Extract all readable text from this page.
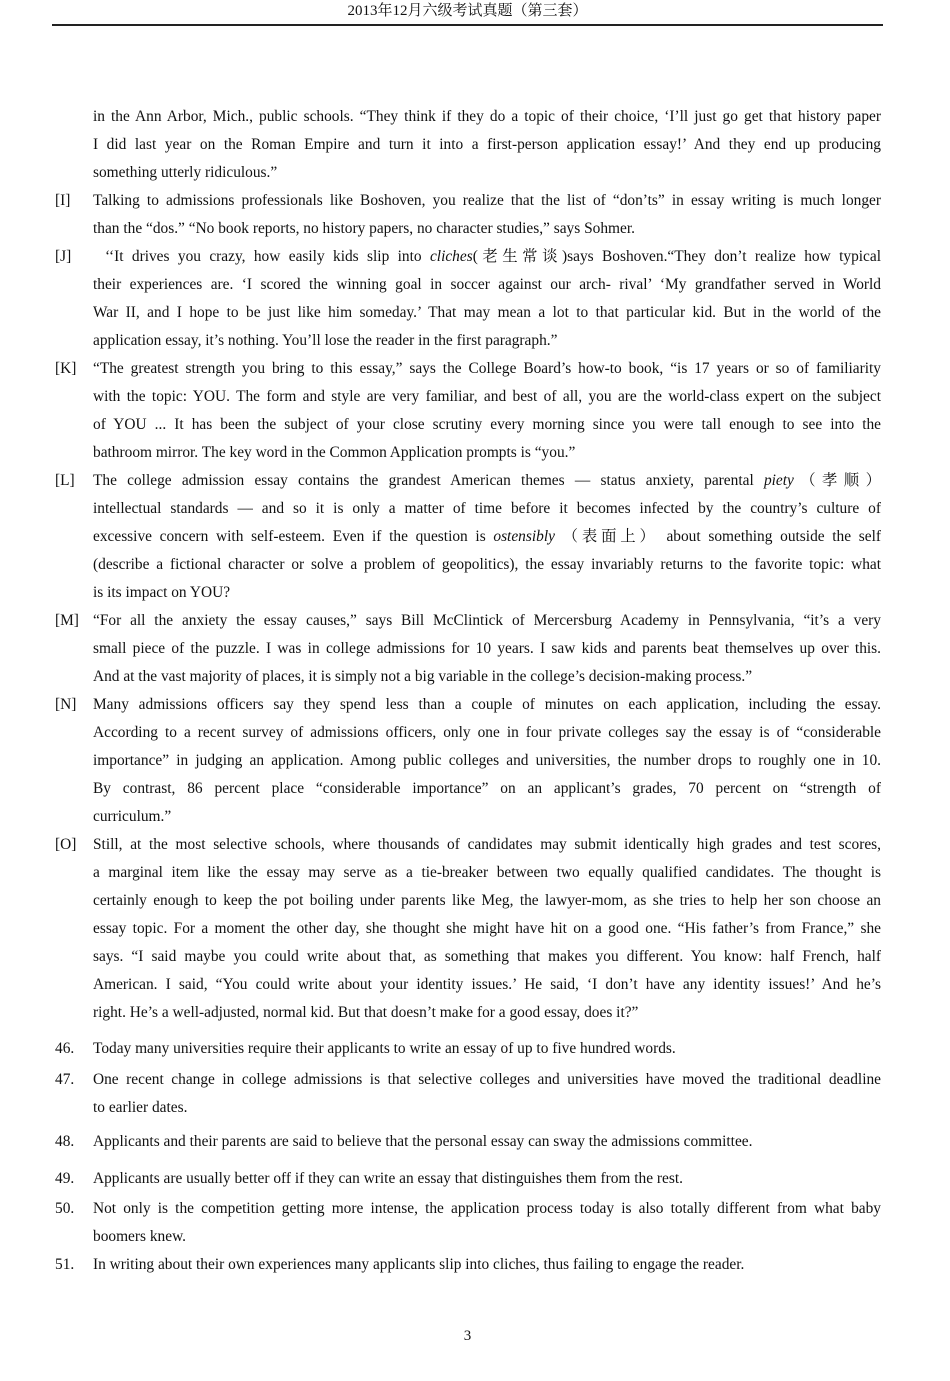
2013年12月六级考试真题（第三套）
in the Ann Arbor, Mich., public schools. “They think if they do a topic of their choice, ‘I’ll just go get that history paper
I did last year on the Roman Empire and turn it into a first-person application essay!’ And they end up producing
something utterly ridiculous.”
[I] Talking to admissions professionals like Boshoven, you realize that the list of “don’ts” in essay writing is much longer
than the “dos.” “No book reports, no history papers, no character studies,” says Sohmer.
[J]	‘‘It drives you crazy, how easily kids slip into cliches(老生常谈)says Boshoven.“They don’t realize how typical
their experiences are. ‘I scored the winning goal in soccer against our arch- rival’ ‘My grandfather served in World
War II, and I hope to be just like him someday.’ That may mean a lot to that particular kid. But in the world of the
application essay, it’s nothing. You’ll lose the reader in the first paragraph.”
[K] “The greatest strength you bring to this essay,” says the College Board’s how-to book, “is 17 years or so of familiarity
with the topic: YOU. The form and style are very familiar, and best of all, you are the world-class expert on the subject
of YOU ... It has been the subject of your close scrutiny every morning since you were tall enough to see into the
bathroom mirror. The key word in the Common Application prompts is “you.”
[L] The college admission essay contains the grandest American themes — status anxiety, parental piety（孝顺）
intellectual standards — and so it is only a matter of time before it becomes infected by the country’s culture of
excessive concern with self-esteem. Even if the question is ostensibly （表面上） about something outside the self
(describe a fictional character or solve a problem of geopolitics), the essay invariably returns to the favorite topic: what
is its impact on YOU?
[M] “For all the anxiety the essay causes,” says Bill McClintick of Mercersburg Academy in Pennsylvania, “it’s a very
small piece of the puzzle. I was in college admissions for 10 years. I saw kids and parents beat themselves up over this.
And at the vast majority of places, it is simply not a big variable in the college’s decision-making process.”
[N] Many admissions officers say they spend less than a couple of minutes on each application, including the essay.
According to a recent survey of admissions officers, only one in four private colleges say the essay is of “considerable
importance” in judging an application. Among public colleges and universities, the number drops to roughly one in 10.
By contrast, 86 percent place “considerable importance” on an applicant’s grades, 70 percent on “strength of
curriculum.”
[O] Still, at the most selective schools, where thousands of candidates may submit identically high grades and test scores,
a marginal item like the essay may serve as a tie-breaker between two equally qualified candidates. The thought is
certainly enough to keep the pot boiling under parents like Meg, the lawyer-mom, as she tries to help her son choose an
essay topic. For a moment the other day, she thought she might have hit on a good one. “His father’s from France,” she
says. “I said maybe you could write about that, as something that makes you different. You know: half French, half
American. I said, “You could write about your identity issues.’ He said, ‘I don’t have any identity issues!’ And he’s
right. He’s a well-adjusted, normal kid. But that doesn’t make for a good essay, does it?”
46. Today many universities require their applicants to write an essay of up to five hundred words.
47. One recent change in college admissions is that selective colleges and universities have moved the traditional deadline
to earlier dates.
48. Applicants and their parents are said to believe that the personal essay can sway the admissions committee.
49. Applicants are usually better off if they can write an essay that distinguishes them from the rest.
50. Not only is the competition getting more intense, the application process today is also totally different from what baby
boomers knew.
51. In writing about their own experiences many applicants slip into cliches, thus failing to engage the reader.
3
